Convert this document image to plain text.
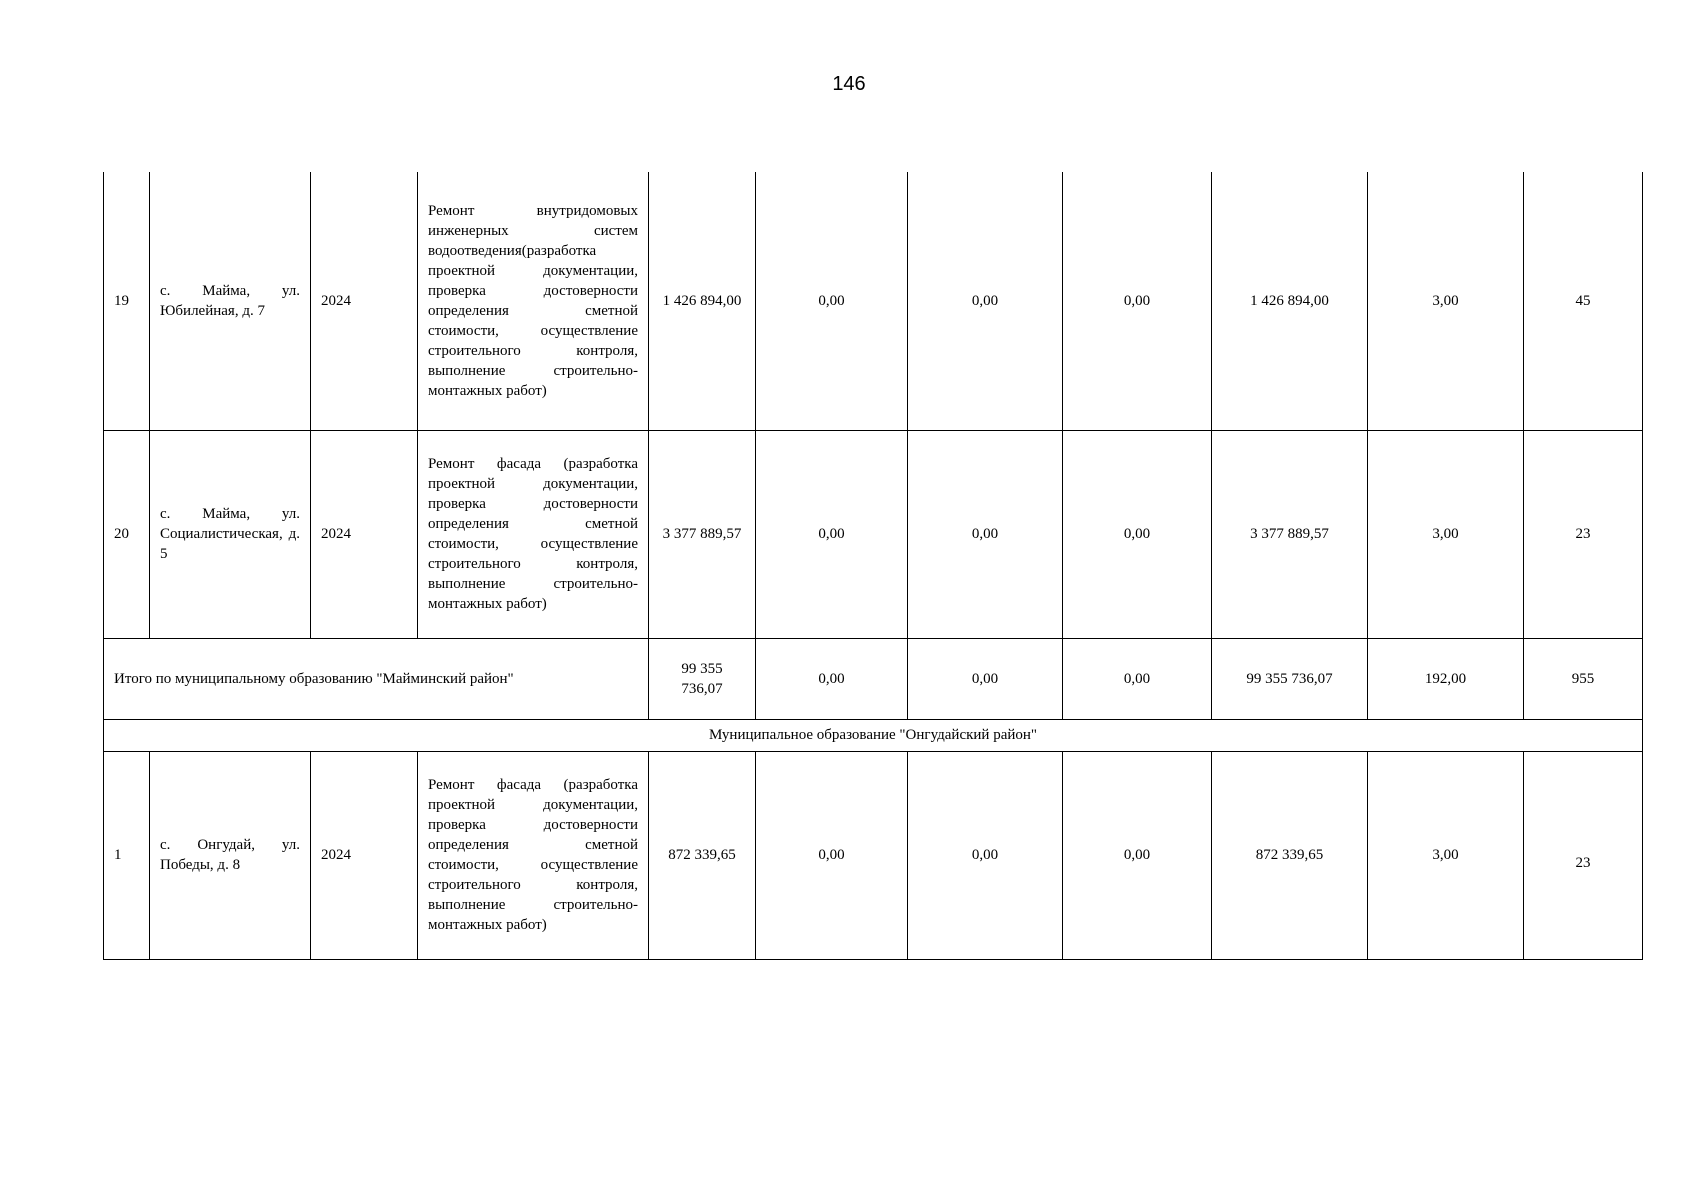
146
19	с. Майма, ул. Юбилейная, д. 7	2024	Ремонт внутридомовых инженерных систем водоотведения(разработка проектной документации, проверка достоверности определения сметной стоимости, осуществление строительного контроля, выполнение строительно-монтажных работ)	1 426 894,00	0,00	0,00	0,00	1 426 894,00	3,00	45
20	с. Майма, ул. Социалистическая, д. 5	2024	Ремонт фасада (разработка проектной документации, проверка достоверности определения сметной стоимости, осуществление строительного контроля, выполнение строительно-монтажных работ)	3 377 889,57	0,00	0,00	0,00	3 377 889,57	3,00	23
Итого по муниципальному образованию "Майминский район"				99 355 736,07	0,00	0,00	0,00	99 355 736,07	192,00	955
Муниципальное образование "Онгудайский район"										
1	с. Онгудай, ул. Победы, д. 8	2024	Ремонт фасада (разработка проектной документации, проверка достоверности определения сметной стоимости, осуществление строительного контроля, выполнение строительно-монтажных работ)	872 339,65	0,00	0,00	0,00	872 339,65	3,00	23
